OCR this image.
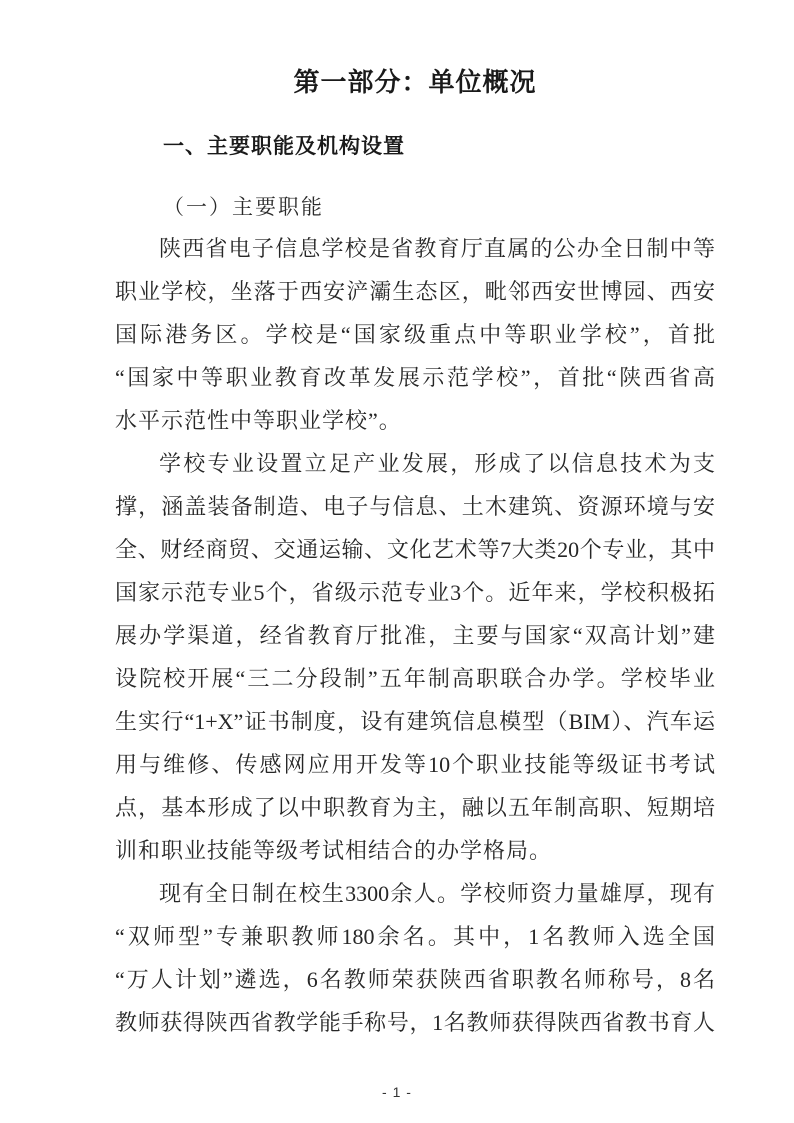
第一部分：单位概况
一、主要职能及机构设置
（一）主要职能
陕西省电子信息学校是省教育厅直属的公办全日制中等
职业学校，坐落于西安浐灞生态区，毗邻西安世博园、西安
国际港务区。学校是“国家级重点中等职业学校”，首批
“国家中等职业教育改革发展示范学校”，首批“陕西省高
水平示范性中等职业学校”。
学校专业设置立足产业发展，形成了以信息技术为支
撑，涵盖装备制造、电子与信息、土木建筑、资源环境与安
全、财经商贸、交通运输、文化艺术等7大类20个专业，其中
国家示范专业5个，省级示范专业3个。近年来，学校积极拓
展办学渠道，经省教育厅批准，主要与国家“双高计划”建
设院校开展“三二分段制”五年制高职联合办学。学校毕业
生实行“1+X”证书制度，设有建筑信息模型（BIM）、汽车运
用与维修、传感网应用开发等10个职业技能等级证书考试
点，基本形成了以中职教育为主，融以五年制高职、短期培
训和职业技能等级考试相结合的办学格局。
现有全日制在校生3300余人。学校师资力量雄厚，现有
“双师型”专兼职教师180余名。其中，1名教师入选全国
“万人计划”遴选，6名教师荣获陕西省职教名师称号，8名
教师获得陕西省教学能手称号，1名教师获得陕西省教书育人
- 1 -
